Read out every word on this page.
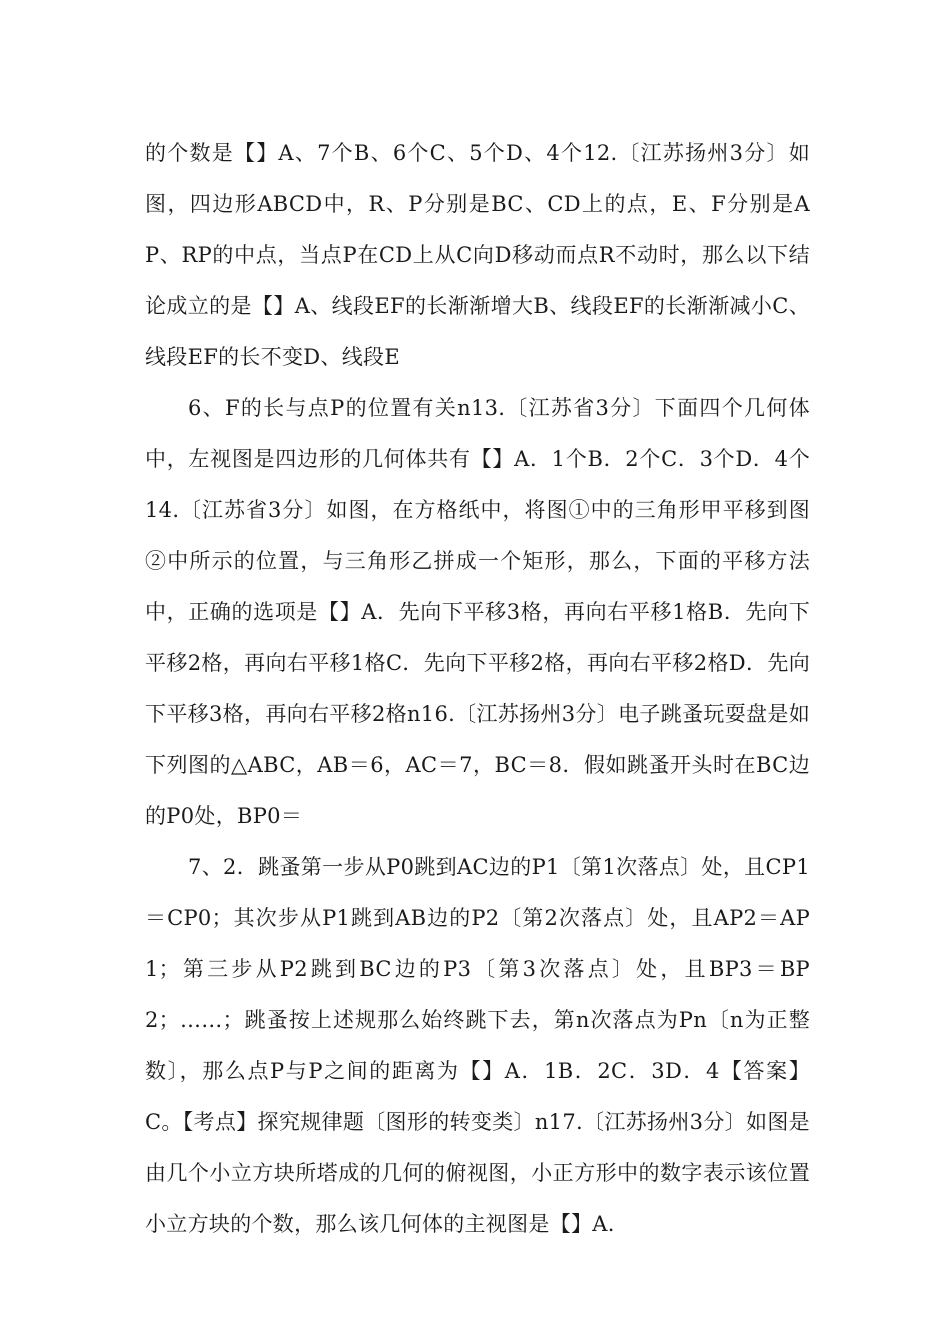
的个数是【】A、7个B、6个C、5个D、4个12.〔江苏扬州3分〕如图，四边形ABCD中，R、P分别是BC、CD上的点，E、F分别是AP、RP的中点，当点P在CD上从C向D移动而点R不动时，那么以下结论成立的是【】A、线段EF的长渐渐增大B、线段EF的长渐渐减小C、线段EF的长不变D、线段E

6、F的长与点P的位置有关n13.〔江苏省3分〕下面四个几何体中，左视图是四边形的几何体共有【】A．1个B．2个C．3个D．4个14.〔江苏省3分〕如图，在方格纸中，将图①中的三角形甲平移到图②中所示的位置，与三角形乙拼成一个矩形，那么，下面的平移方法中，正确的选项是【】A．先向下平移3格，再向右平移1格B．先向下平移2格，再向右平移1格C．先向下平移2格，再向右平移2格D．先向下平移3格，再向右平移2格n16.〔江苏扬州3分〕电子跳蚤玩耍盘是如下列图的△ABC，AB＝6，AC＝7，BC＝8．假如跳蚤开头时在BC边的P0处，BP0＝

7、2．跳蚤第一步从P0跳到AC边的P1〔第1次落点〕处，且CP1＝CP0；其次步从P1跳到AB边的P2〔第2次落点〕处，且AP2＝AP1；第三步从P2跳到BC边的P3〔第3次落点〕处，且BP3＝BP2；……；跳蚤按上述规那么始终跳下去，第n次落点为Pn〔n为正整数〕，那么点P与P之间的距离为【】A．1B．2C．3D．4【答案】C。【考点】探究规律题〔图形的转变类〕n17.〔江苏扬州3分〕如图是由几个小立方块所塔成的几何的俯视图，小正方形中的数字表示该位置小立方块的个数，那么该几何体的主视图是【】A.
